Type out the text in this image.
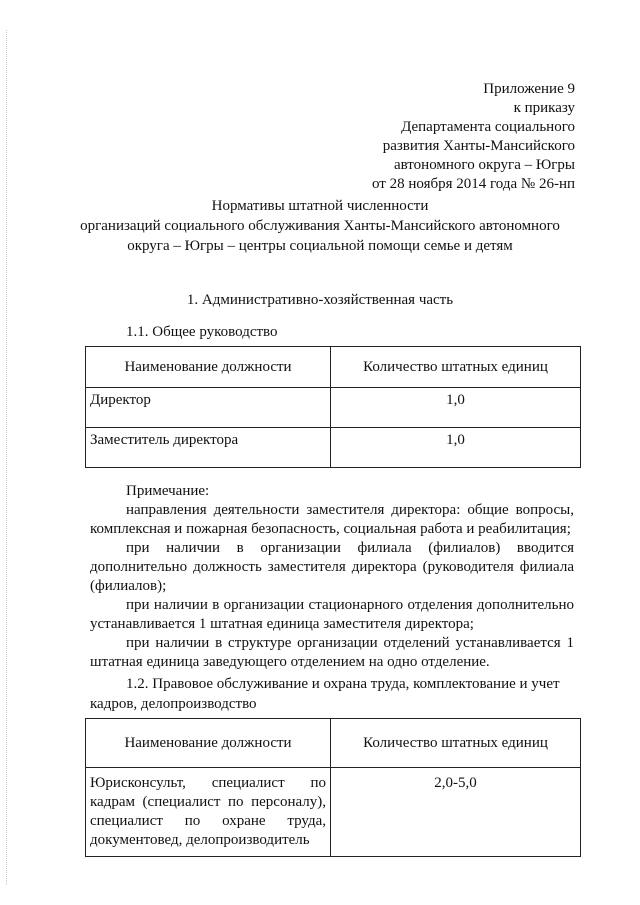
Приложение 9
к приказу
Департамента социального
развития Ханты-Мансийского
автономного округа – Югры
от 28 ноября 2014 года № 26-нп
Нормативы штатной численности
организаций социального обслуживания Ханты-Мансийского автономного
округа – Югры – центры социальной помощи семье и детям
1. Административно-хозяйственная часть
1.1. Общее руководство
Наименование должности	Количество штатных единиц
Директор	1,0
Заместитель директора	1,0

Примечание:

направления деятельности заместителя директора: общие вопросы, комплексная и пожарная безопасность, социальная работа и реабилитация;

при наличии в организации филиала (филиалов) вводится дополнительно должность заместителя директора (руководителя филиала (филиалов);

при наличии в организации стационарного отделения дополнительно устанавливается 1 штатная единица заместителя директора;

при наличии в структуре организации отделений устанавливается 1 штатная единица заведующего отделением на одно отделение.

1.2. Правовое обслуживание и охрана труда, комплектование и учет кадров, делопроизводство
Наименование должности	Количество штатных единиц
Юрисконсульт, специалист по кадрам (специалист по персоналу), специалист по охране труда, документовед, делопроизводитель	2,0-5,0
